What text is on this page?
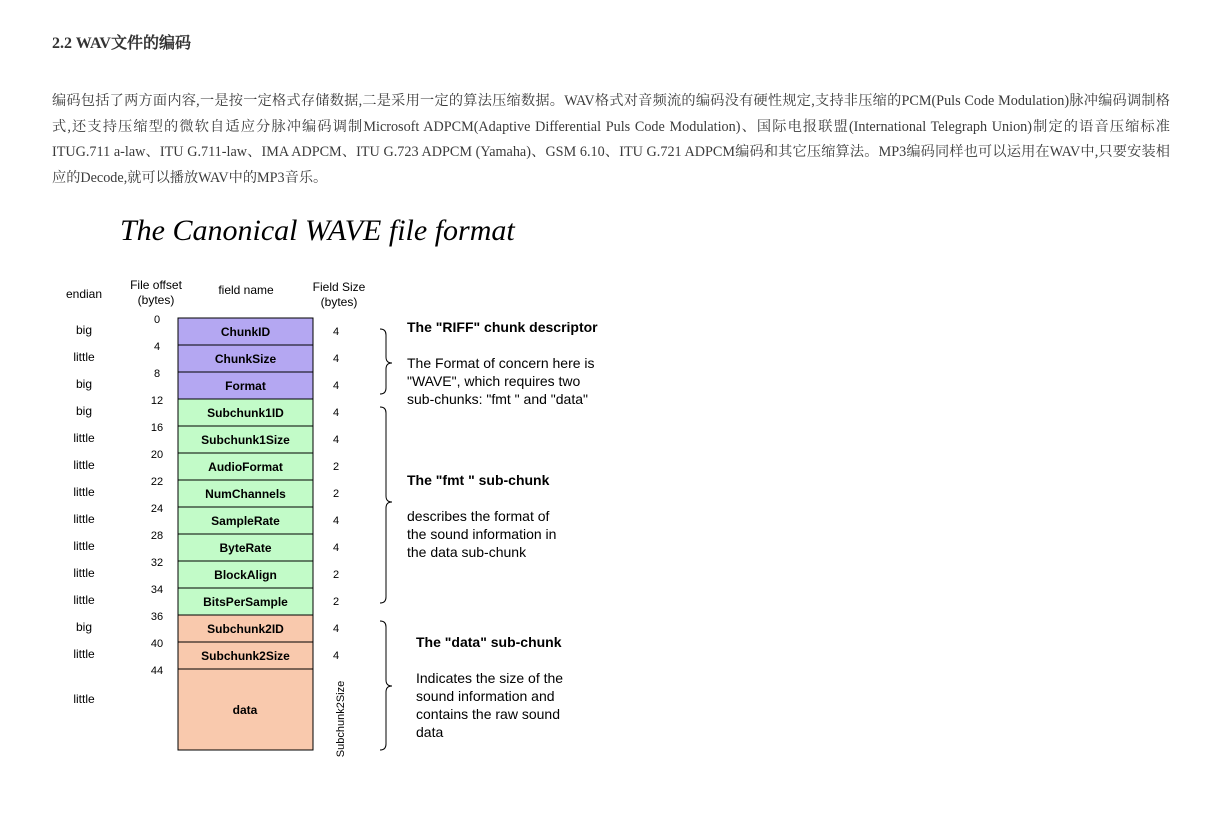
2.2 WAV文件的编码
编码包括了两方面内容,一是按一定格式存储数据,二是采用一定的算法压缩数据。WAV格式对音频流的编码没有硬性规定,支持非压缩的PCM(Puls Code Modulation)脉冲编码调制格式,还支持压缩型的微软自适应分脉冲编码调制Microsoft ADPCM(Adaptive Differential Puls Code Modulation)、国际电报联盟(International Telegraph Union)制定的语音压缩标准ITUG.711 a-law、ITU G.711-law、IMA ADPCM、ITU G.723 ADPCM (Yamaha)、GSM 6.10、ITU G.721 ADPCM编码和其它压缩算法。MP3编码同样也可以运用在WAV中,只要安装相应的Decode,就可以播放WAV中的MP3音乐。
The Canonical WAVE file format
endian
File offset
(bytes)
field name	Field Size
(bytes)
ChunkID
big
0
4
ChunkSize
little
4
4
Format
big
8
4
Subchunk1ID
big
12
4
Subchunk1Size
little
16
4
AudioFormat
little
20
2
NumChannels
little
22
2
SampleRate
little
24
4
ByteRate
little
28
4
BlockAlign
little
32
2
BitsPerSample
little
34
2
Subchunk2ID
big
36
4
Subchunk2Size
little
40
4
data
little
44
Subchunk2Size
The "RIFF" chunk descriptor
The Format of concern here is
"WAVE", which requires two
sub-chunks: "fmt " and "data"
The "fmt " sub-chunk
describes the format of
the sound information in
the data sub-chunk
The "data" sub-chunk
Indicates the size of the
sound information and
contains the raw sound
data
